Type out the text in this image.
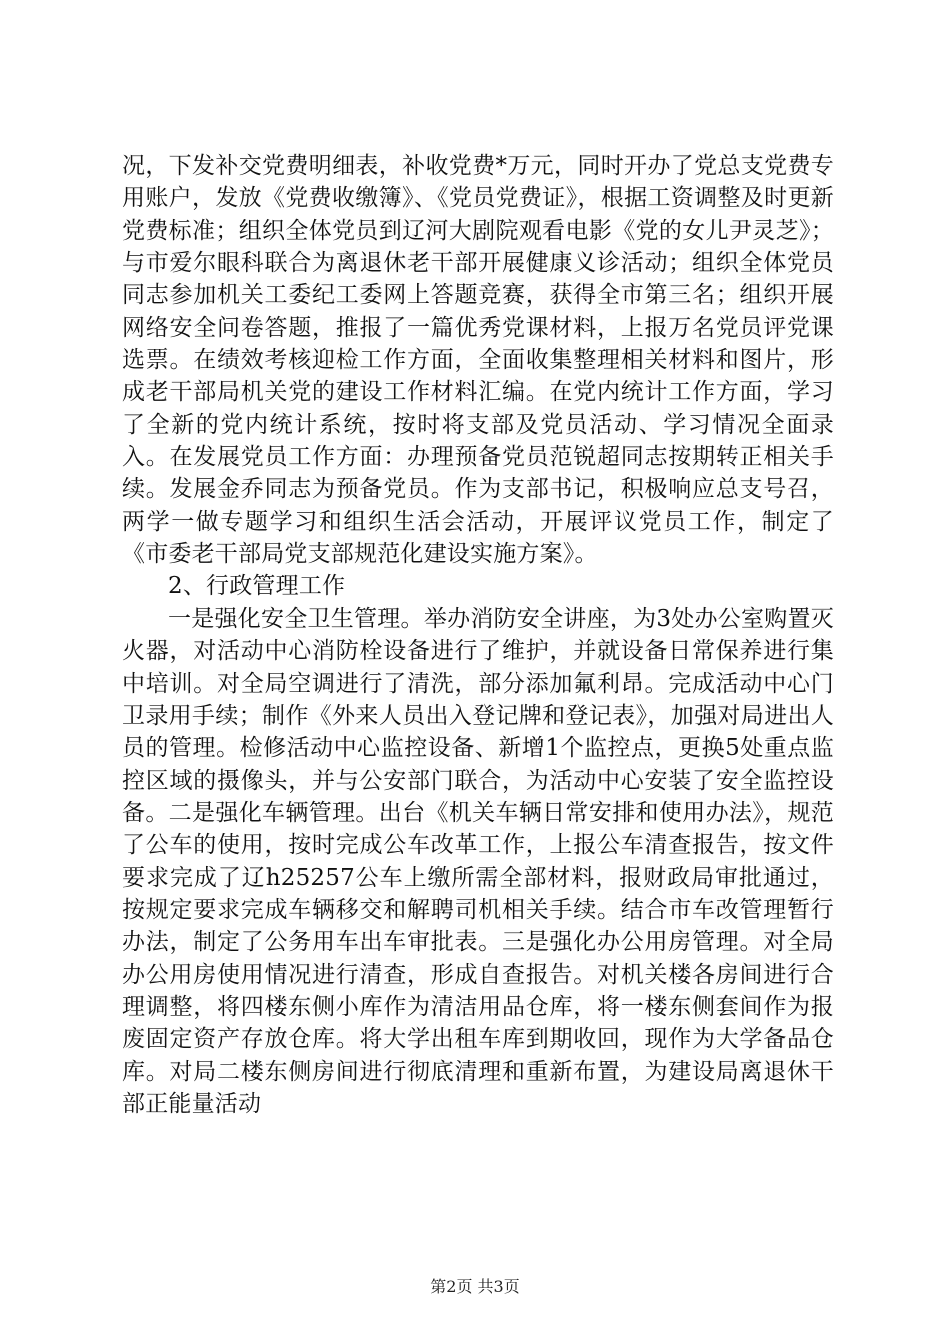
况，下发补交党费明细表，补收党费*万元，同时开办了党总支党费专用账户，发放《党费收缴簿》、《党员党费证》，根据工资调整及时更新党费标准；组织全体党员到辽河大剧院观看电影《党的女儿尹灵芝》；与市爱尔眼科联合为离退休老干部开展健康义诊活动；组织全体党员同志参加机关工委纪工委网上答题竞赛，获得全市第三名；组织开展网络安全问卷答题，推报了一篇优秀党课材料，上报万名党员评党课选票。在绩效考核迎检工作方面，全面收集整理相关材料和图片，形成老干部局机关党的建设工作材料汇编。在党内统计工作方面，学习了全新的党内统计系统，按时将支部及党员活动、学习情况全面录入。在发展党员工作方面：办理预备党员范锐超同志按期转正相关手续。发展金乔同志为预备党员。作为支部书记，积极响应总支号召，两学一做专题学习和组织生活会活动，开展评议党员工作，制定了《市委老干部局党支部规范化建设实施方案》。

2、行政管理工作

一是强化安全卫生管理。举办消防安全讲座，为3处办公室购置灭火器，对活动中心消防栓设备进行了维护，并就设备日常保养进行集中培训。对全局空调进行了清洗，部分添加氟利昂。完成活动中心门卫录用手续；制作《外来人员出入登记牌和登记表》，加强对局进出人员的管理。检修活动中心监控设备、新增1个监控点，更换5处重点监控区域的摄像头，并与公安部门联合，为活动中心安装了安全监控设备。二是强化车辆管理。出台《机关车辆日常安排和使用办法》，规范了公车的使用，按时完成公车改革工作，上报公车清查报告，按文件要求完成了辽h25257公车上缴所需全部材料，报财政局审批通过，按规定要求完成车辆移交和解聘司机相关手续。结合市车改管理暂行办法，制定了公务用车出车审批表。三是强化办公用房管理。对全局办公用房使用情况进行清查，形成自查报告。对机关楼各房间进行合理调整，将四楼东侧小库作为清洁用品仓库，将一楼东侧套间作为报废固定资产存放仓库。将大学出租车库到期收回，现作为大学备品仓库。对局二楼东侧房间进行彻底清理和重新布置，为建设局离退休干部正能量活动

第2页 共3页
